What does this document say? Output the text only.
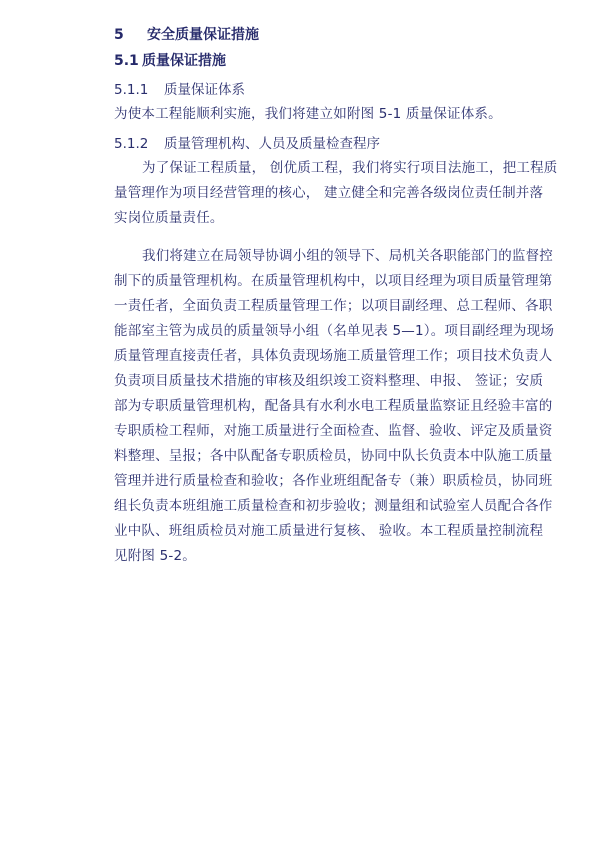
5 安全质量保证措施
5.1 质量保证措施
5.1.1 质量保证体系
为使本工程能顺利实施，我们将建立如附图 5-1 质量保证体系。
5.1.2 质量管理机构、人员及质量检查程序
为了保证工程质量， 创优质工程，我们将实行项目法施工，把工程质
量管理作为项目经营管理的核心， 建立健全和完善各级岗位责任制并落
实岗位质量责任。
我们将建立在局领导协调小组的领导下、局机关各职能部门的监督控
制下的质量管理机构。在质量管理机构中，以项目经理为项目质量管理第
一责任者，全面负责工程质量管理工作；以项目副经理、总工程师、各职
能部室主管为成员的质量领导小组（名单见表 5—1）。项目副经理为现场
质量管理直接责任者，具体负责现场施工质量管理工作；项目技术负责人
负责项目质量技术措施的审核及组织竣工资料整理、申报、 签证；安质
部为专职质量管理机构，配备具有水利水电工程质量监察证且经验丰富的
专职质检工程师，对施工质量进行全面检查、监督、验收、评定及质量资
料整理、呈报；各中队配备专职质检员，协同中队长负责本中队施工质量
管理并进行质量检查和验收；各作业班组配备专（兼）职质检员，协同班
组长负责本班组施工质量检查和初步验收；测量组和试验室人员配合各作
业中队、班组质检员对施工质量进行复核、 验收。本工程质量控制流程
见附图 5-2。
